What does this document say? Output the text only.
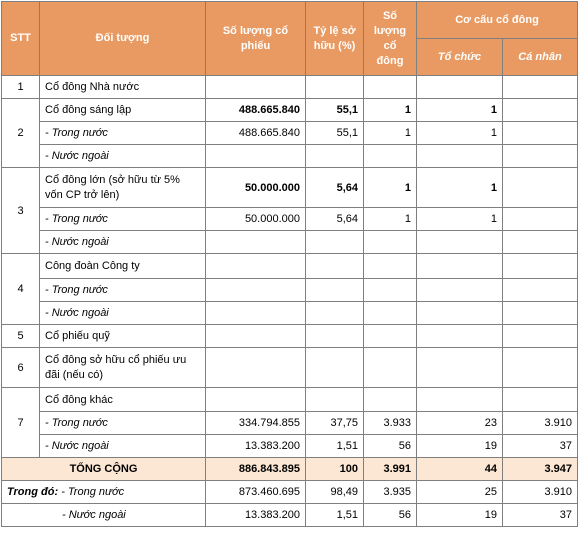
STT	Đối tượng	Số lượng cổ phiếu	Tỷ lệ sở hữu (%)	Số lượng cổ đông	Cơ cấu cổ đông	
					Tổ chức	Cá nhân
1	Cổ đông Nhà nước					
2	Cổ đông sáng lập	488.665.840	55,1	1	1	
	- Trong nước	488.665.840	55,1	1	1	
	- Nước ngoài					
3	Cổ đông lớn (sở hữu từ 5% vốn CP trở lên)	50.000.000	5,64	1	1	
	- Trong nước	50.000.000	5,64	1	1	
	- Nước ngoài					
4	Công đoàn Công ty					
	- Trong nước					
	- Nước ngoài					
5	Cổ phiếu quỹ					
6	Cổ đông sở hữu cổ phiếu ưu đãi (nếu có)					
7	Cổ đông khác					
	- Trong nước	334.794.855	37,75	3.933	23	3.910
	- Nước ngoài	13.383.200	1,51	56	19	37
TỔNG CỘNG		886.843.895	100	3.991	44	3.947
Trong đó: - Trong nước		873.460.695	98,49	3.935	25	3.910
- Nước ngoài		13.383.200	1,51	56	19	37
